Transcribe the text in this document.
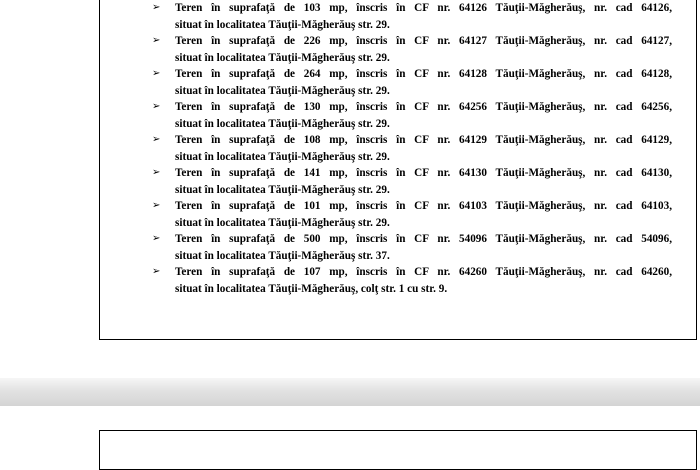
➢ Teren în suprafaţă de 103 mp, înscris în CF nr. 64126 Tăuţii-Măgherăuş, nr. cad 64126,
situat în localitatea Tăuţii-Măgherăuş str. 29.
➢ Teren în suprafaţă de 226 mp, înscris în CF nr. 64127 Tăuţii-Măgherăuş, nr. cad 64127,
situat în localitatea Tăuţii-Măgherăuş str. 29.
➢ Teren în suprafaţă de 264 mp, înscris în CF nr. 64128 Tăuţii-Măgherăuş, nr. cad 64128,
situat în localitatea Tăuţii-Măgherăuş str. 29.
➢ Teren în suprafaţă de 130 mp, înscris în CF nr. 64256 Tăuţii-Măgherăuş, nr. cad 64256,
situat în localitatea Tăuţii-Măgherăuş str. 29.
➢ Teren în suprafaţă de 108 mp, înscris în CF nr. 64129 Tăuţii-Măgherăuş, nr. cad 64129,
situat în localitatea Tăuţii-Măgherăuş str. 29.
➢ Teren în suprafaţă de 141 mp, înscris în CF nr. 64130 Tăuţii-Măgherăuş, nr. cad 64130,
situat în localitatea Tăuţii-Măgherăuş str. 29.
➢ Teren în suprafaţă de 101 mp, înscris în CF nr. 64103 Tăuţii-Măgherăuş, nr. cad 64103,
situat în localitatea Tăuţii-Măgherăuş str. 29.
➢ Teren în suprafaţă de 500 mp, înscris în CF nr. 54096 Tăuţii-Măgherăuş, nr. cad 54096,
situat în localitatea Tăuţii-Măgherăuş str. 37.
➢ Teren în suprafaţă de 107 mp, înscris în CF nr. 64260 Tăuţii-Măgherăuş, nr. cad 64260,
situat în localitatea Tăuţii-Măgherăuş, colţ str. 1 cu str. 9.
